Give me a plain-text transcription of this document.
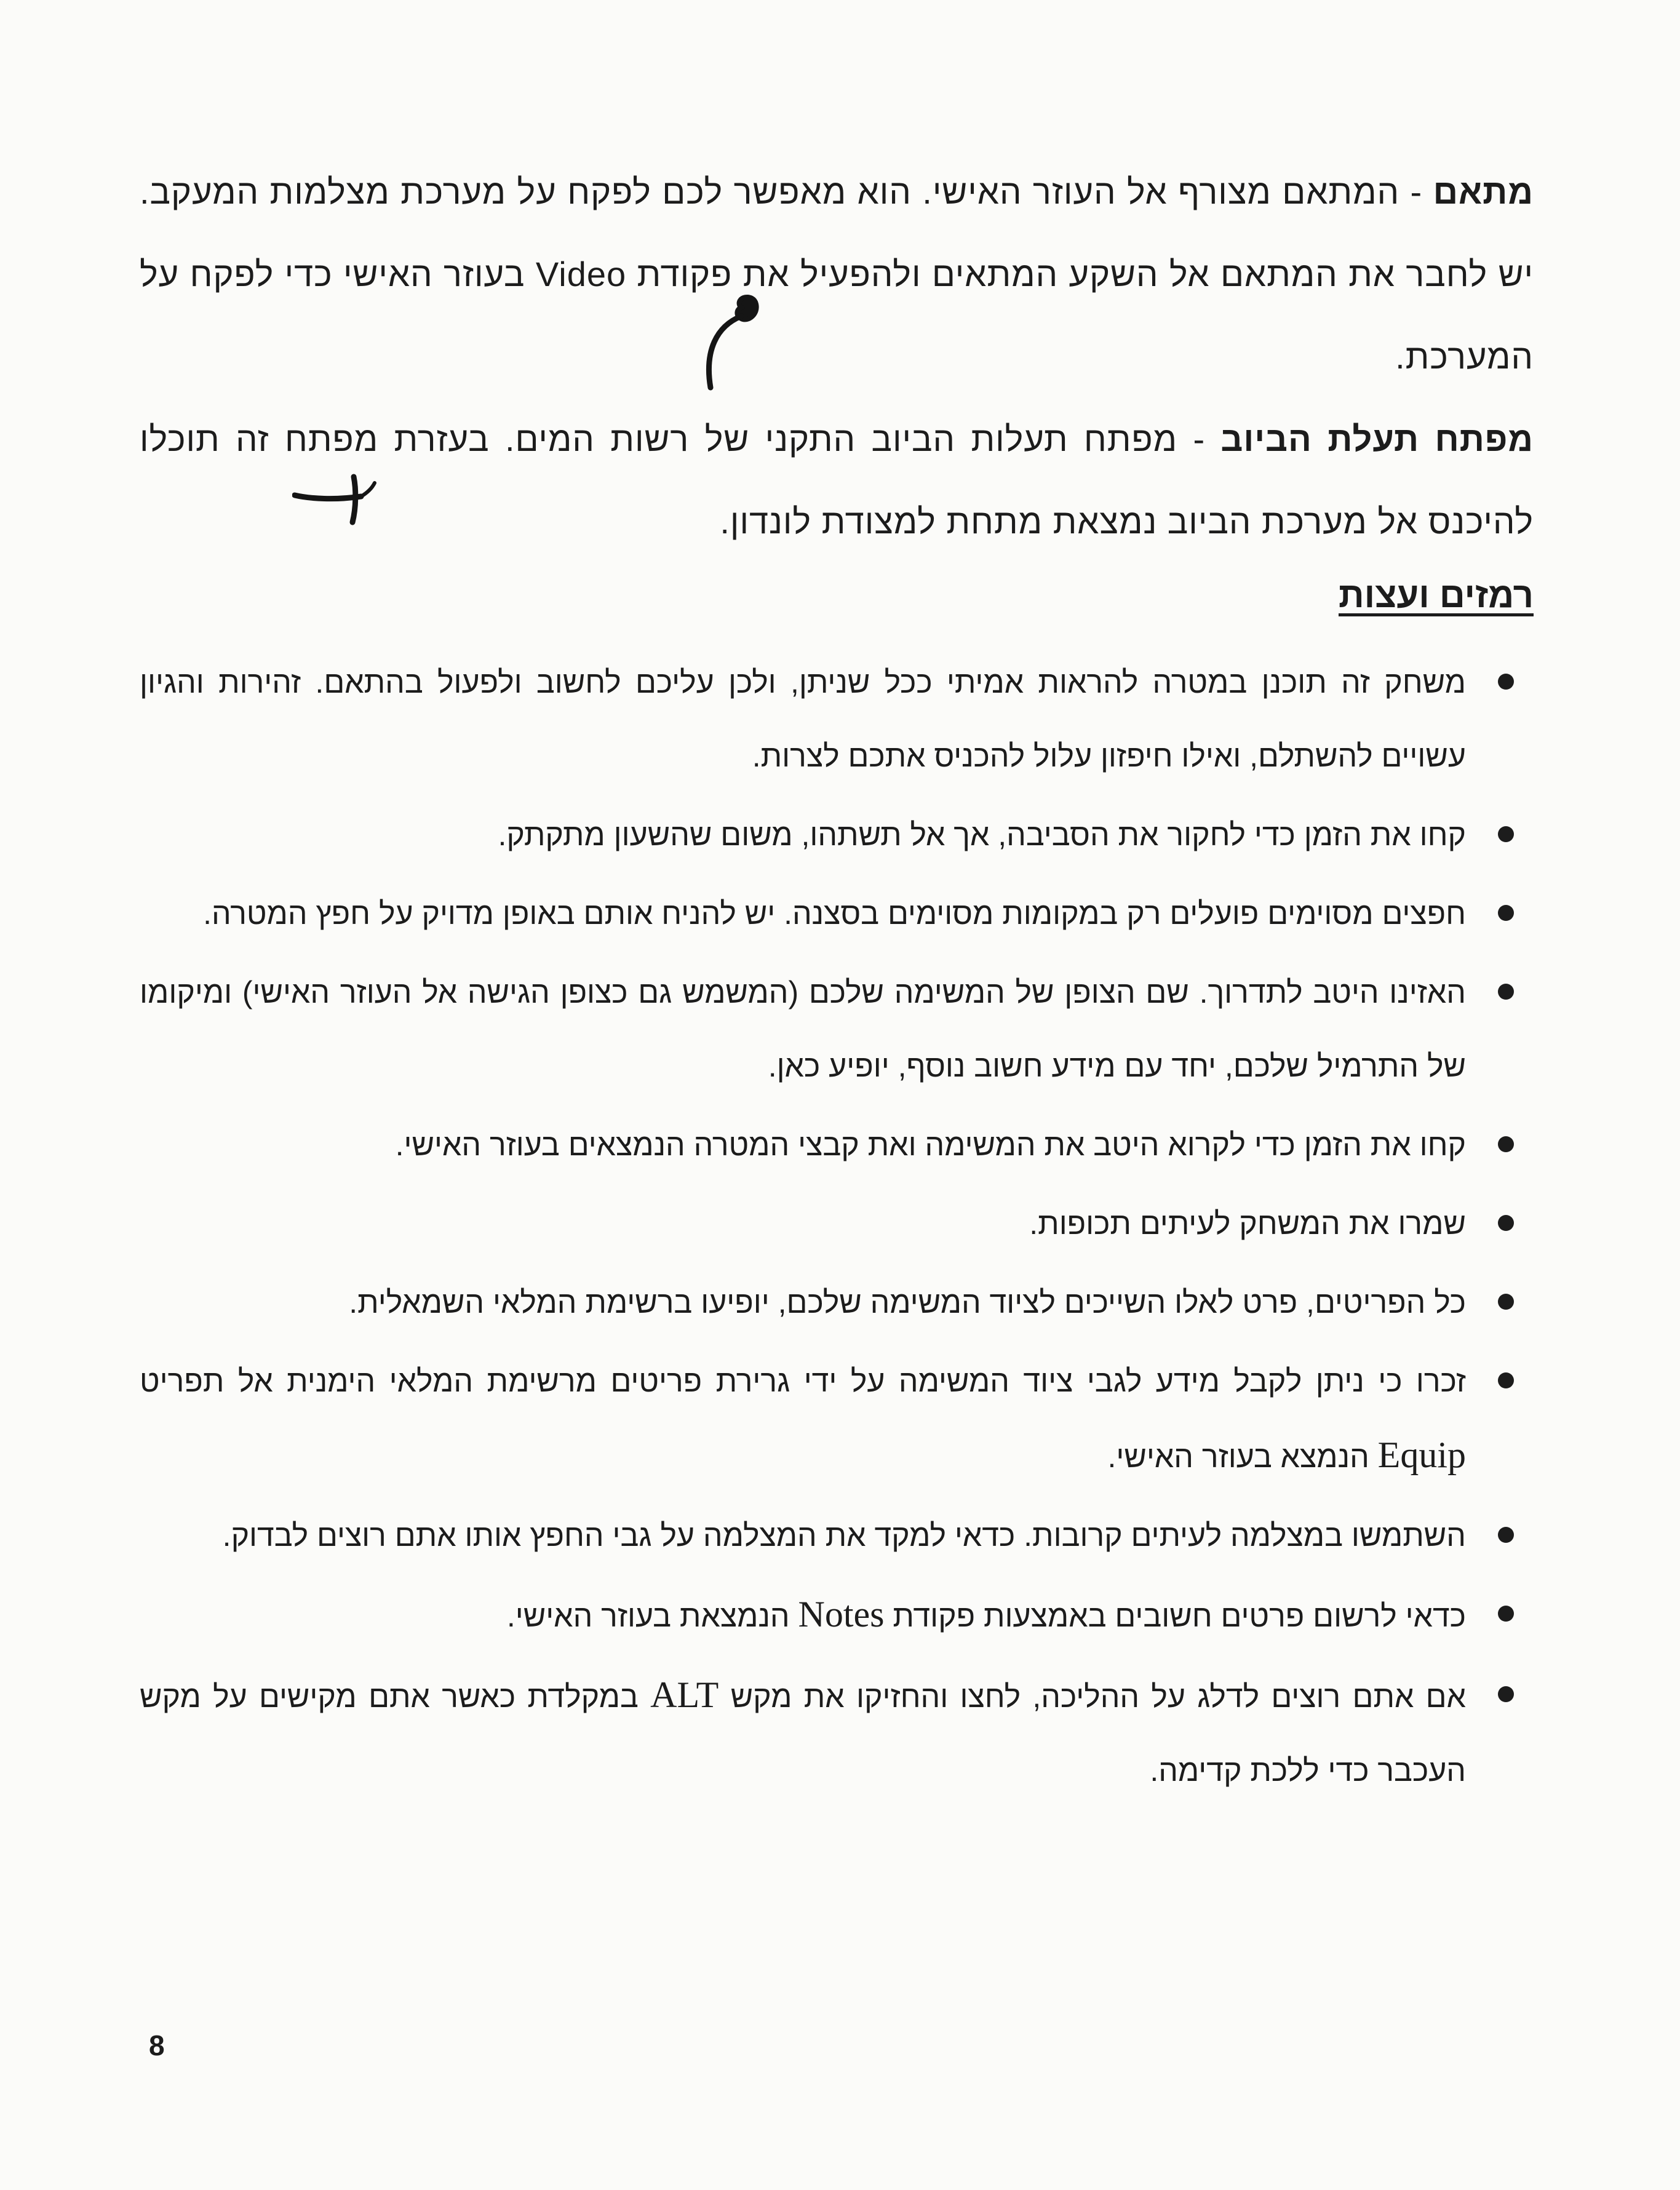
מתאם - המתאם מצורף אל העוזר האישי. הוא מאפשר לכם לפקח על מערכת מצלמות המעקב. יש לחבר את המתאם אל השקע המתאים ולהפעיל את פקודת Video בעוזר האישי כדי לפקח על המערכת.

מפתח תעלת הביוב - מפתח תעלות הביוב התקני של רשות המים. בעזרת מפתח זה תוכלו להיכנס אל מערכת הביוב נמצאת מתחת למצודת לונדון.

רמזים ועצות
משחק זה תוכנן במטרה להראות אמיתי ככל שניתן, ולכן עליכם לחשוב ולפעול בהתאם. זהירות והגיון עשויים להשתלם, ואילו חיפזון עלול להכניס אתכם לצרות.
קחו את הזמן כדי לחקור את הסביבה, אך אל תשתהו, משום שהשעון מתקתק.
חפצים מסוימים פועלים רק במקומות מסוימים בסצנה. יש להניח אותם באופן מדויק על חפץ המטרה.
האזינו היטב לתדרוך. שם הצופן של המשימה שלכם (המשמש גם כצופן הגישה אל העוזר האישי) ומיקומו של התרמיל שלכם, יחד עם מידע חשוב נוסף, יופיע כאן.
קחו את הזמן כדי לקרוא היטב את המשימה ואת קבצי המטרה הנמצאים בעוזר האישי.
שמרו את המשחק לעיתים תכופות.
כל הפריטים, פרט לאלו השייכים לציוד המשימה שלכם, יופיעו ברשימת המלאי השמאלית.
זכרו כי ניתן לקבל מידע לגבי ציוד המשימה על ידי גרירת פריטים מרשימת המלאי הימנית אל תפריט Equip הנמצא בעוזר האישי.
השתמשו במצלמה לעיתים קרובות. כדאי למקד את המצלמה על גבי החפץ אותו אתם רוצים לבדוק.
כדאי לרשום פרטים חשובים באמצעות פקודת Notes הנמצאת בעוזר האישי.
אם אתם רוצים לדלג על ההליכה, לחצו והחזיקו את מקש ALT במקלדת כאשר אתם מקישים על מקש העכבר כדי ללכת קדימה.
8
